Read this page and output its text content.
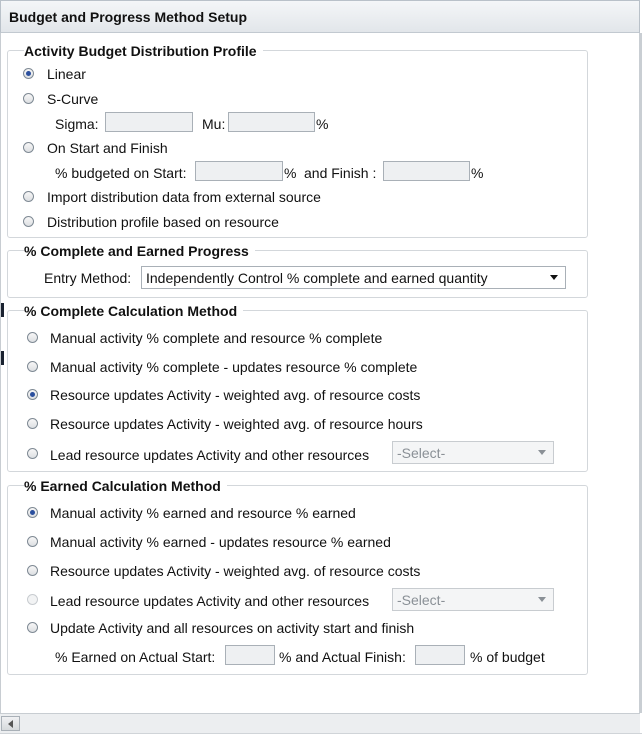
Budget and Progress Method Setup
Activity Budget Distribution Profile
Linear
S-Curve
Sigma:	Mu:	%
On Start and Finish
% budgeted on Start:	% and Finish :	%
Import distribution data from external source
Distribution profile based on resource
% Complete and Earned Progress
Entry Method:	Independently Control % complete and earned quantity
% Complete Calculation Method
Manual activity % complete and resource % complete
Manual activity % complete - updates resource % complete
Resource updates Activity - weighted avg. of resource costs
Resource updates Activity - weighted avg. of resource hours
Lead resource updates Activity and other resources	-Select-
% Earned Calculation Method
Manual activity % earned and resource % earned
Manual activity % earned - updates resource % earned
Resource updates Activity - weighted avg. of resource costs
Lead resource updates Activity and other resources	-Select-
Update Activity and all resources on activity start and finish
% Earned on Actual Start:	% and Actual Finish:	% of budget
